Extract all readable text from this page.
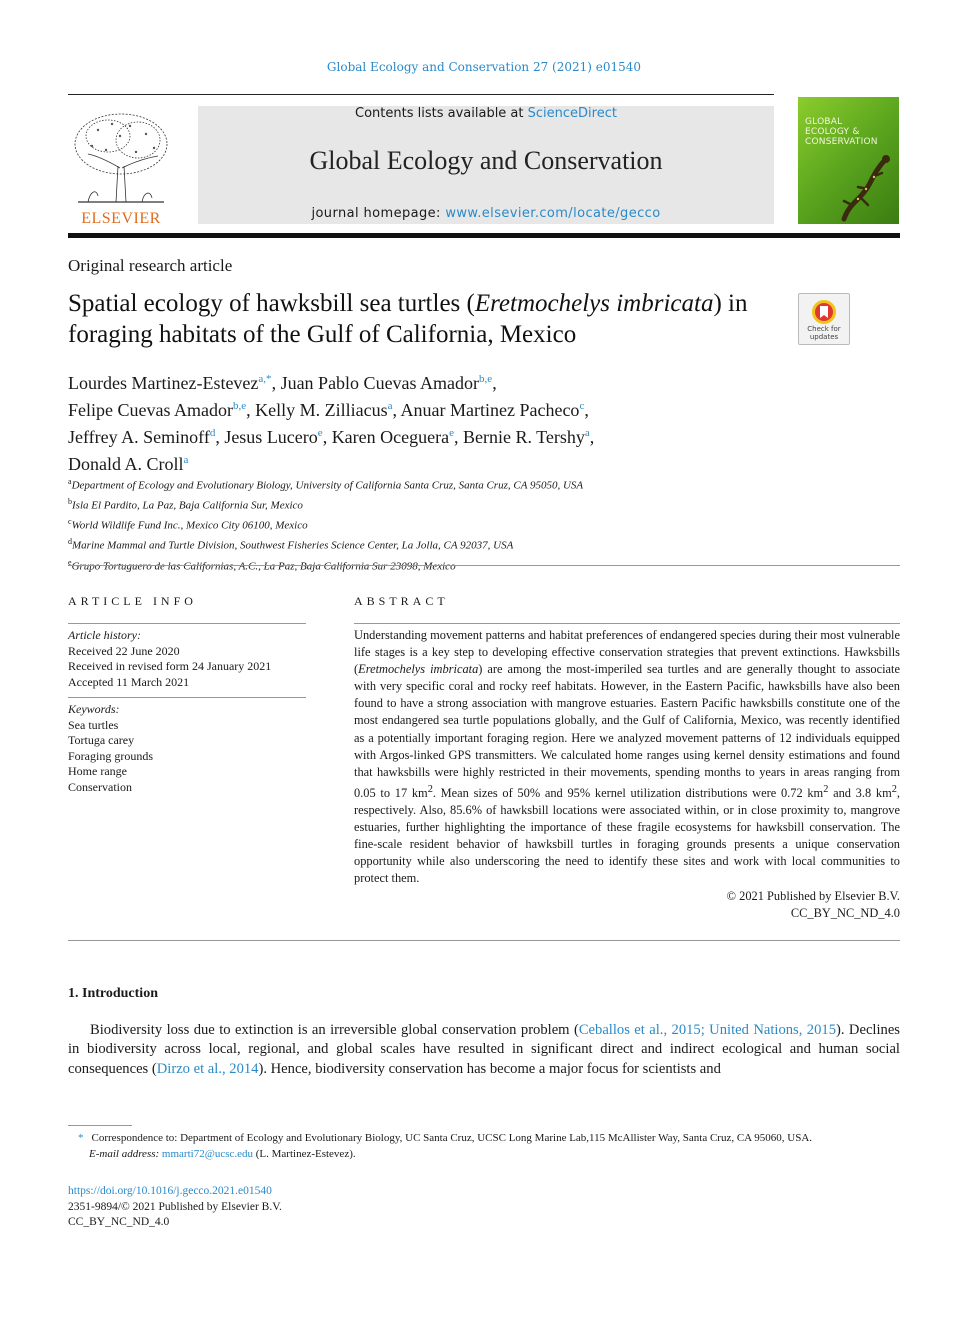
Global Ecology and Conservation 27 (2021) e01540
ELSEVIER
Contents lists available at ScienceDirect
Global Ecology and Conservation
journal homepage: www.elsevier.com/locate/gecco
GLOBAL
ECOLOGY &
CONSERVATION
Original research article
Spatial ecology of hawksbill sea turtles (Eretmochelys imbricata) in foraging habitats of the Gulf of California, Mexico	Check for
updates
Lourdes Martinez-Estevez$^{a,*}$, Juan Pablo Cuevas Amador$^{b,e}$,
Felipe Cuevas Amador$^{b,e}$, Kelly M. Zilliacus$^a$, Anuar Martinez Pacheco$^c$,
Jeffrey A. Seminoff$^d$, Jesus Lucero$^e$, Karen Oceguera$^e$, Bernie R. Tershy$^a$,
Donald A. Croll$^a$
$^a$Department of Ecology and Evolutionary Biology, University of California Santa Cruz, Santa Cruz, CA 95050, USA
$^b$Isla El Pardito, La Paz, Baja California Sur, Mexico
$^c$World Wildlife Fund Inc., Mexico City 06100, Mexico
$^d$Marine Mammal and Turtle Division, Southwest Fisheries Science Center, La Jolla, CA 92037, USA
$^e$Grupo Tortuguero de las Californias, A.C., La Paz, Baja California Sur 23098, Mexico
ARTICLE INFO
Article history:
Received 22 June 2020
Received in revised form 24 January 2021
Accepted 11 March 2021
Keywords:
Sea turtles
Tortuga carey
Foraging grounds
Home range
Conservation
ABSTRACT
Understanding movement patterns and habitat preferences of endangered species during their most vulnerable life stages is a key step to developing effective conservation strategies that prevent extinctions. Hawksbills (Eretmochelys imbricata) are among the most-imperiled sea turtles and are generally thought to associate with very specific coral and rocky reef habitats. However, in the Eastern Pacific, hawksbills have also been found to have a strong association with mangrove estuaries. Eastern Pacific hawksbills constitute one of the most endangered sea turtle populations globally, and the Gulf of California, Mexico, was recently identified as a potentially important foraging region. Here we analyzed movement patterns of 12 individuals equipped with Argos-linked GPS transmitters. We calculated home ranges using kernel density estimations and found that hawksbills were highly restricted in their movements, spending months to years in areas ranging from 0.05 to 17 $km^2$. Mean sizes of 50% and 95% kernel utilization distributions were 0.72 $km^2$ and 3.8 $km^2$, respectively. Also, 85.6% of hawksbill locations were associated within, or in close proximity to, mangrove estuaries, further highlighting the importance of these fragile ecosystems for hawksbill conservation. The fine-scale resident behavior of hawksbill turtles in foraging grounds presents a unique conservation opportunity while also underscoring the need to identify these sites and work with local communities to protect them.
© 2021 Published by Elsevier B.V.
CC_BY_NC_ND_4.0
1. Introduction

Biodiversity loss due to extinction is an irreversible global conservation problem (Ceballos et al., 2015; United Nations, 2015). Declines in biodiversity across local, regional, and global scales have resulted in significant direct and indirect ecological and human social consequences (Dirzo et al., 2014). Hence, biodiversity conservation has become a major focus for scientists and

* Correspondence to: Department of Ecology and Evolutionary Biology, UC Santa Cruz, UCSC Long Marine Lab,115 McAllister Way, Santa Cruz, CA 95060, USA.
E-mail address: mmarti72@ucsc.edu (L. Martinez-Estevez).
https://doi.org/10.1016/j.gecco.2021.e01540
2351-9894/© 2021 Published by Elsevier B.V.
CC_BY_NC_ND_4.0
